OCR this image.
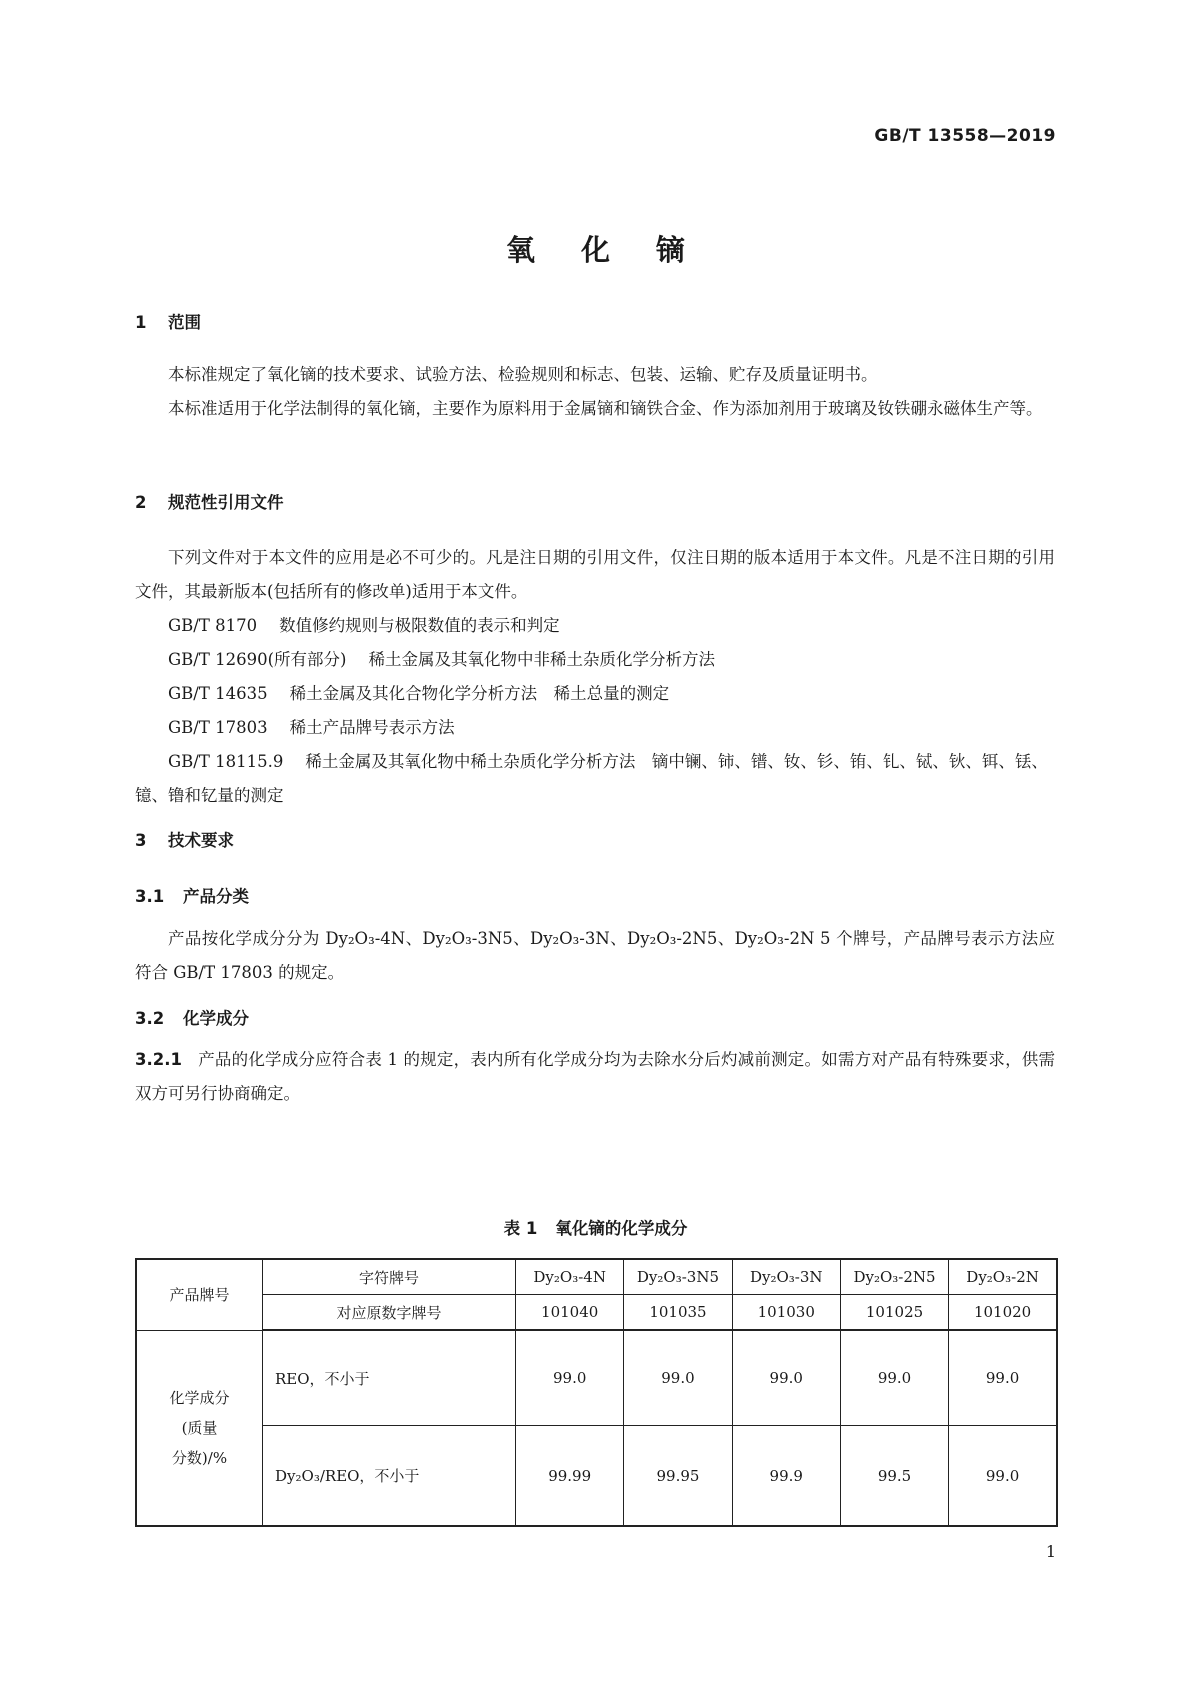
GB/T 13558—2019
氧化镝
1 范围

本标准规定了氧化镝的技术要求、试验方法、检验规则和标志、包装、运输、贮存及质量证明书。

本标准适用于化学法制得的氧化镝，主要作为原料用于金属镝和镝铁合金、作为添加剂用于玻璃及钕铁硼永磁体生产等。

2 规范性引用文件

下列文件对于本文件的应用是必不可少的。凡是注日期的引用文件，仅注日期的版本适用于本文件。凡是不注日期的引用文件，其最新版本(包括所有的修改单)适用于本文件。

GB/T 8170 数值修约规则与极限数值的表示和判定
GB/T 12690(所有部分) 稀土金属及其氧化物中非稀土杂质化学分析方法
GB/T 14635 稀土金属及其化合物化学分析方法　稀土总量的测定
GB/T 17803 稀土产品牌号表示方法
GB/T 18115.9 稀土金属及其氧化物中稀土杂质化学分析方法　镝中镧、铈、镨、钕、钐、铕、钆、铽、钬、铒、铥、镱、镥和钇量的测定
3 技术要求
3.1 产品分类

产品按化学成分分为 Dy₂O₃-4N、Dy₂O₃-3N5、Dy₂O₃-3N、Dy₂O₃-2N5、Dy₂O₃-2N 5 个牌号，产品牌号表示方法应符合 GB/T 17803 的规定。

3.2 化学成分

3.2.1 产品的化学成分应符合表 1 的规定，表内所有化学成分均为去除水分后灼减前测定。如需方对产品有特殊要求，供需双方可另行协商确定。

表 1 氧化镝的化学成分
产品牌号	字符牌号	Dy₂O₃-4N	Dy₂O₃-3N5	Dy₂O₃-3N	Dy₂O₃-2N5	Dy₂O₃-2N
	对应原数字牌号	101040	101035	101030	101025	101020

化学成分
(质量
分数)/%	REO，不小于	99.0	99.0	99.0	99.0	99.0
	Dy₂O₃/REO，不小于	99.99	99.95	99.9	99.5	99.0
1
